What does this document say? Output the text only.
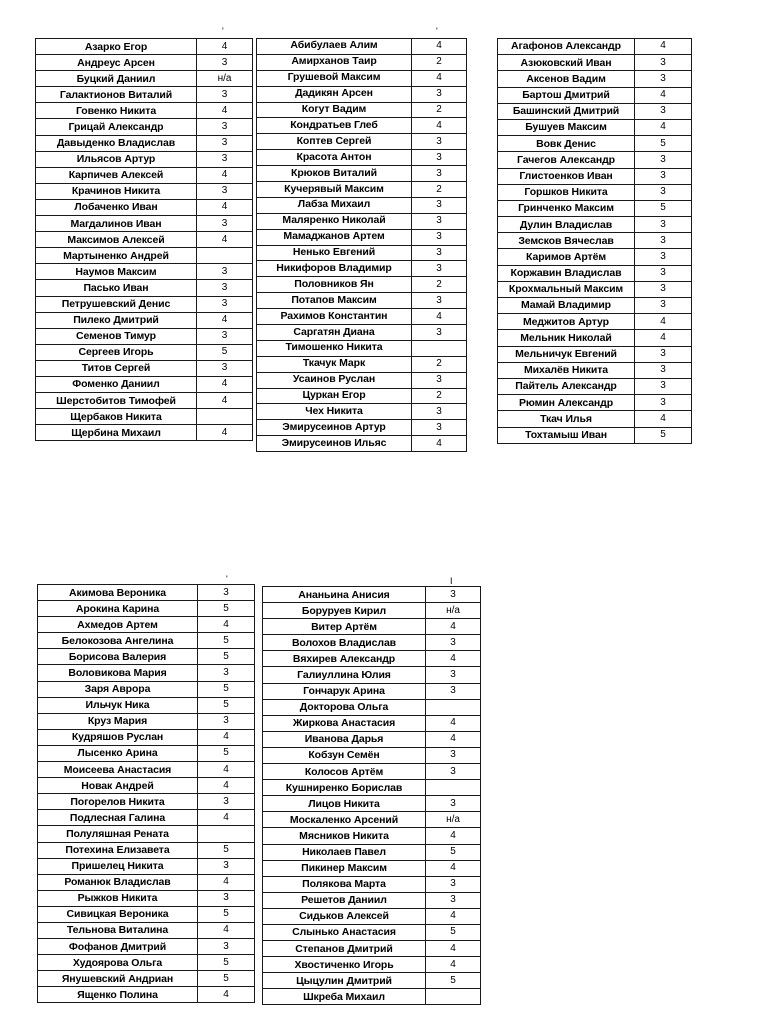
'	'
'	I
Азарко Егор	4
Андреус Арсен	3
Буцкий Даниил	н/а
Галактионов Виталий	3
Говенко Никита	4
Грицай Александр	3
Давыденко Владислав	3
Ильясов Артур	3
Карпичев Алексей	4
Крачинов Никита	3
Лобаченко Иван	4
Магдалинов Иван	3
Максимов Алексей	4
Мартыненко Андрей	
Наумов Максим	3
Пасько Иван	3
Петрушевский Денис	3
Пилеко Дмитрий	4
Семенов Тимур	3
Сергеев Игорь	5
Титов Сергей	3
Фоменко Даниил	4
Шерстобитов Тимофей	4
Щербаков Никита	
Щербина Михаил	4
Абибулаев Алим	4
Амирханов Таир	2
Грушевой Максим	4
Дадикян Арсен	3
Когут Вадим	2
Кондратьев Глеб	4
Коптев Сергей	3
Красота Антон	3
Крюков Виталий	3
Кучерявый Максим	2
Лабза Михаил	3
Маляренко Николай	3
Мамаджанов Артем	3
Ненько Евгений	3
Никифоров Владимир	3
Половников Ян	2
Потапов Максим	3
Рахимов Константин	4
Саргатян Диана	3
Тимошенко Никита	
Ткачук Марк	2
Усаинов Руслан	3
Цуркан Егор	2
Чех Никита	3
Эмирусеинов Артур	3
Эмирусеинов Ильяс	4
Агафонов Александр	4
Азюковский Иван	3
Аксенов Вадим	3
Бартош Дмитрий	4
Башинский Дмитрий	3
Бушуев Максим	4
Вовк Денис	5
Гачегов Александр	3
Глистоенков Иван	3
Горшков Никита	3
Гринченко Максим	5
Дулин Владислав	3
Земсков Вячеслав	3
Каримов Артём	3
Коржавин Владислав	3
Крохмальный Максим	3
Мамай Владимир	3
Меджитов Артур	4
Мельник Николай	4
Мельничук Евгений	3
Михалёв Никита	3
Пайтель Александр	3
Рюмин Александр	3
Ткач Илья	4
Тохтамыш Иван	5
Акимова Вероника	3
Арокина Карина	5
Ахмедов Артем	4
Белокозова Ангелина	5
Борисова Валерия	5
Воловикова Мария	3
Заря Аврора	5
Ильчук Ника	5
Круз Мария	3
Кудряшов Руслан	4
Лысенко Арина	5
Моисеева Анастасия	4
Новак Андрей	4
Погорелов Никита	3
Подлесная Галина	4
Полуляшная Рената	
Потехина Елизавета	5
Пришелец Никита	3
Романюк Владислав	4
Рыжков Никита	3
Сивицкая Вероника	5
Тельнова Виталина	4
Фофанов Дмитрий	3
Худоярова Ольга	5
Янушевский Андриан	5
Ященко Полина	4
Ананьина Анисия	3
Боруруев Кирил	н/а
Витер Артём	4
Волохов Владислав	3
Вяхирев Александр	4
Галиуллина Юлия	3
Гончарук Арина	3
Докторова Ольга	
Жиркова Анастасия	4
Иванова Дарья	4
Кобзун Семён	3
Колосов Артём	3
Кушниренко Борислав	
Лицов Никита	3
Москаленко Арсений	н/а
Мясников Никита	4
Николаев Павел	5
Пикинер Максим	4
Полякова Марта	3
Решетов Даниил	3
Сидьков Алексей	4
Слынько Анастасия	5
Степанов Дмитрий	4
Хвостиченко Игорь	4
Цыцулин Дмитрий	5
Шкреба Михаил	
